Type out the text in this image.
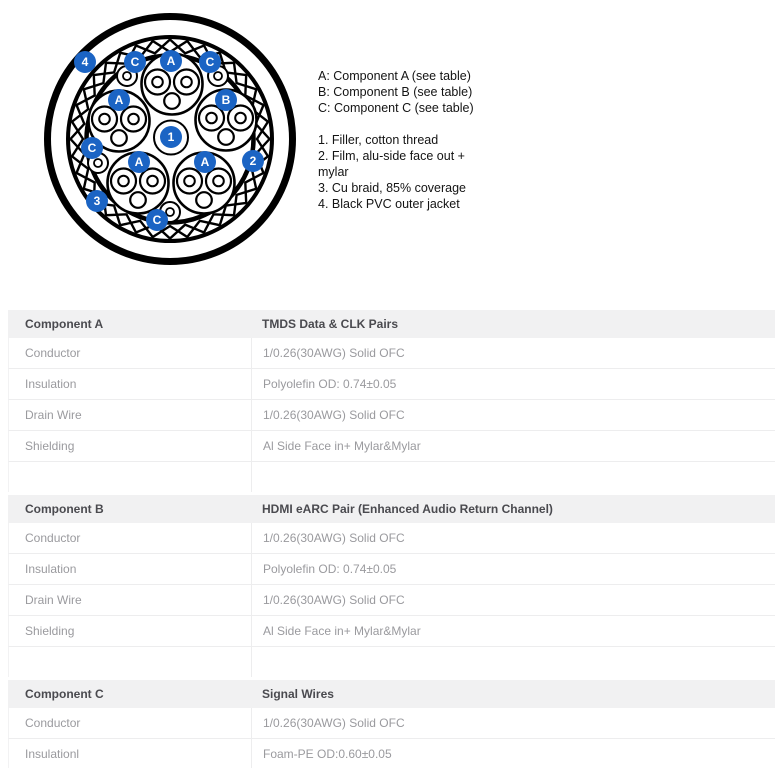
4	C A	C
A	B
C
1
2
A	A
3
C
A: Component A (see table)
B: Component B (see table)
C: Component C (see table)
1. Filler, cotton thread
2. Film, alu-side face out + mylar
3. Cu braid, 85% coverage
4. Black PVC outer jacket
Component A	TMDS Data & CLK Pairs
Conductor	1/0.26(30AWG) Solid OFC
Insulation	Polyolefin OD: 0.74±0.05
Drain Wire	1/0.26(30AWG) Solid OFC
Shielding	Al Side Face in+ Mylar&Mylar
Component B	HDMI eARC Pair (Enhanced Audio Return Channel)
Conductor	1/0.26(30AWG) Solid OFC
Insulation	Polyolefin OD: 0.74±0.05
Drain Wire	1/0.26(30AWG) Solid OFC
Shielding	Al Side Face in+ Mylar&Mylar
Component C	Signal Wires
Conductor	1/0.26(30AWG) Solid OFC
Insulationl	Foam-PE OD:0.60±0.05
